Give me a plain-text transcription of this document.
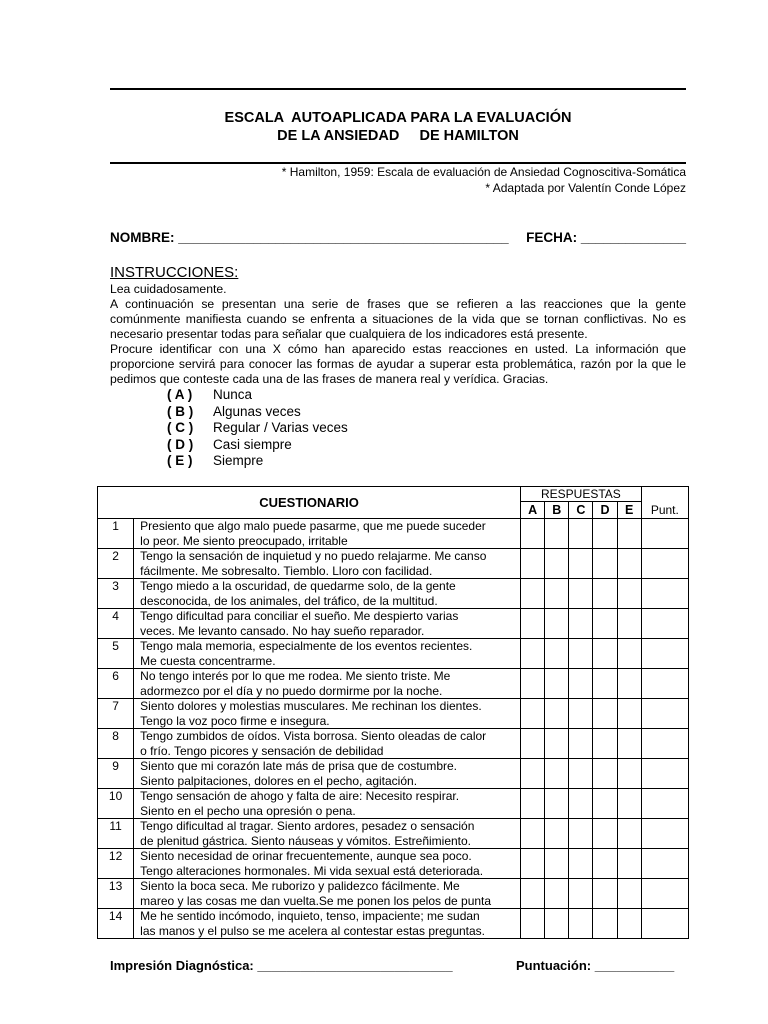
ESCALA  AUTOAPLICADA PARA LA EVALUACIÓN
DE LA ANSIEDAD     DE HAMILTON
* Hamilton, 1959: Escala de evaluación de Ansiedad Cognoscitiva-Somática
* Adaptada por Valentín Conde López
NOMBRE: ____________________________________________ FECHA: ______________
INSTRUCCIONES:

Lea cuidadosamente.

A continuación se presentan una serie de frases que se refieren a las reacciones que la gente comúnmente manifiesta cuando se enfrenta a situaciones de la vida que se tornan conflictivas. No es necesario presentar todas para señalar que cualquiera de los indicadores está presente.

Procure identificar con una X cómo han aparecido estas reacciones en usted. La información que proporcione servirá para conocer las formas de ayudar a superar esta problemática, razón por la que le pedimos que conteste cada una de las frases de manera real y verídica. Gracias.

( A ) Nunca
( B ) Algunas veces
( C ) Regular / Varias veces
( D ) Casi siempre
( E ) Siempre
CUESTIONARIO		RESPUESTAS					Punt.
		A	B	C	D	E	
1	Presiento que algo malo puede pasarme, que me puede suceder
lo peor. Me siento preocupado, irritable						

2	Tengo la sensación de inquietud y no puedo relajarme. Me canso
fácilmente. Me sobresalto. Tiemblo. Lloro con facilidad.						

3	Tengo miedo a la oscuridad, de quedarme solo, de la gente
desconocida, de los animales, del tráfico, de la multitud.						

4	Tengo dificultad para conciliar el sueño. Me despierto varias
veces. Me levanto cansado. No hay sueño reparador.						

5	Tengo mala memoria, especialmente de los eventos recientes.
Me cuesta concentrarme.						

6	No tengo interés por lo que me rodea. Me siento triste. Me
adormezco por el día y no puedo dormirme por la noche.						

7	Siento dolores y molestias musculares. Me rechinan los dientes.
Tengo la voz poco firme e insegura.						

8	Tengo zumbidos de oídos. Vista borrosa. Siento oleadas de calor
o frío. Tengo picores y sensación de debilidad						

9	Siento que mi corazón late más de prisa que de costumbre.
Siento palpitaciones, dolores en el pecho, agitación.						

10	Tengo sensación de ahogo y falta de aire: Necesito respirar.
Siento en el pecho una opresión o pena.						

11	Tengo dificultad al tragar. Siento ardores, pesadez o sensación
de plenitud gástrica. Siento náuseas y vómitos. Estreñimiento.						

12	Siento necesidad de orinar frecuentemente, aunque sea poco.
Tengo alteraciones hormonales. Mi vida sexual está deteriorada.						

13	Siento la boca seca. Me ruborizo y palidezco fácilmente. Me
mareo y las cosas me dan vuelta.Se me ponen los pelos de punta						

14	Me he sentido incómodo, inquieto, tenso, impaciente; me sudan
las manos y el pulso se me acelera al contestar estas preguntas.						

Impresión Diagnóstica: ___________________________	Puntuación: ___________
